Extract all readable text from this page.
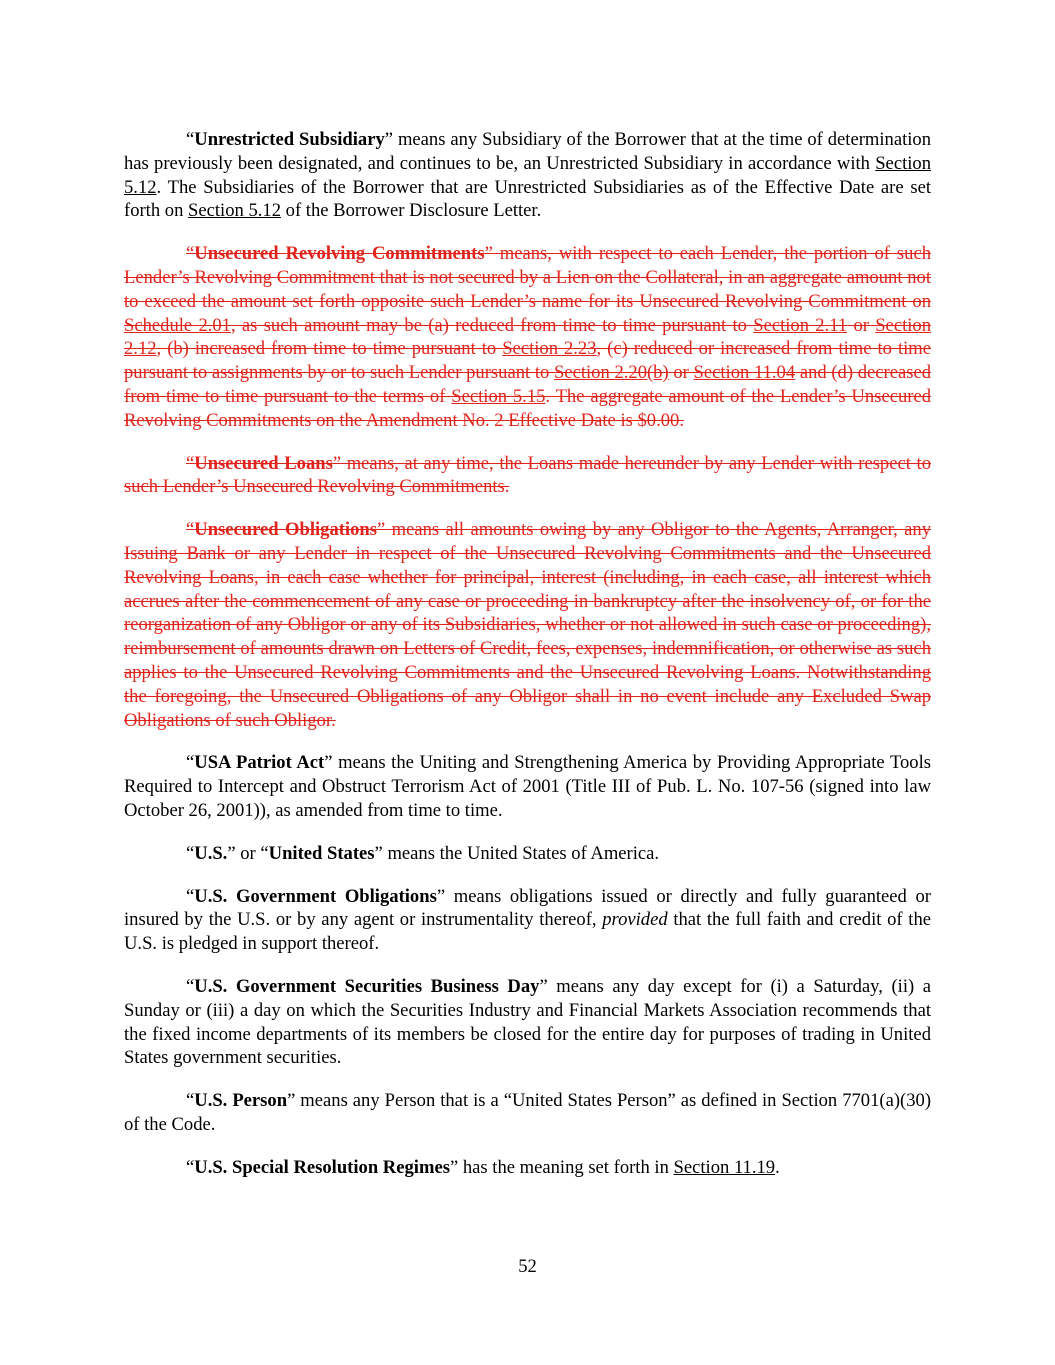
“Unrestricted Subsidiary” means any Subsidiary of the Borrower that at the time of determination has previously been designated, and continues to be, an Unrestricted Subsidiary in accordance with Section 5.12. The Subsidiaries of the Borrower that are Unrestricted Subsidiaries as of the Effective Date are set forth on Section 5.12 of the Borrower Disclosure Letter.

“Unsecured Revolving Commitments” means, with respect to each Lender, the portion of such Lender’s Revolving Commitment that is not secured by a Lien on the Collateral, in an aggregate amount not to exceed the amount set forth opposite such Lender’s name for its Unsecured Revolving Commitment on Schedule 2.01, as such amount may be (a) reduced from time to time pursuant to Section 2.11 or Section 2.12, (b) increased from time to time pursuant to Section 2.23, (c) reduced or increased from time to time pursuant to assignments by or to such Lender pursuant to Section 2.20(b) or Section 11.04 and (d) decreased from time to time pursuant to the terms of Section 5.15. The aggregate amount of the Lender’s Unsecured Revolving Commitments on the Amendment No. 2 Effective Date is $0.00.

“Unsecured Loans” means, at any time, the Loans made hereunder by any Lender with respect to such Lender’s Unsecured Revolving Commitments.

“Unsecured Obligations” means all amounts owing by any Obligor to the Agents, Arranger, any Issuing Bank or any Lender in respect of the Unsecured Revolving Commitments and the Unsecured Revolving Loans, in each case whether for principal, interest (including, in each case, all interest which accrues after the commencement of any case or proceeding in bankruptcy after the insolvency of, or for the reorganization of any Obligor or any of its Subsidiaries, whether or not allowed in such case or proceeding), reimbursement of amounts drawn on Letters of Credit, fees, expenses, indemnification, or otherwise as such applies to the Unsecured Revolving Commitments and the Unsecured Revolving Loans. Notwithstanding the foregoing, the Unsecured Obligations of any Obligor shall in no event include any Excluded Swap Obligations of such Obligor.

“USA Patriot Act” means the Uniting and Strengthening America by Providing Appropriate Tools Required to Intercept and Obstruct Terrorism Act of 2001 (Title III of Pub. L. No. 107-56 (signed into law October 26, 2001)), as amended from time to time.

“U.S.” or “United States” means the United States of America.

“U.S. Government Obligations” means obligations issued or directly and fully guaranteed or insured by the U.S. or by any agent or instrumentality thereof, provided that the full faith and credit of the U.S. is pledged in support thereof.

“U.S. Government Securities Business Day” means any day except for (i) a Saturday, (ii) a Sunday or (iii) a day on which the Securities Industry and Financial Markets Association recommends that the fixed income departments of its members be closed for the entire day for purposes of trading in United States government securities.

“U.S. Person” means any Person that is a “United States Person” as defined in Section 7701(a)(30) of the Code.

“U.S. Special Resolution Regimes” has the meaning set forth in Section 11.19.

52
